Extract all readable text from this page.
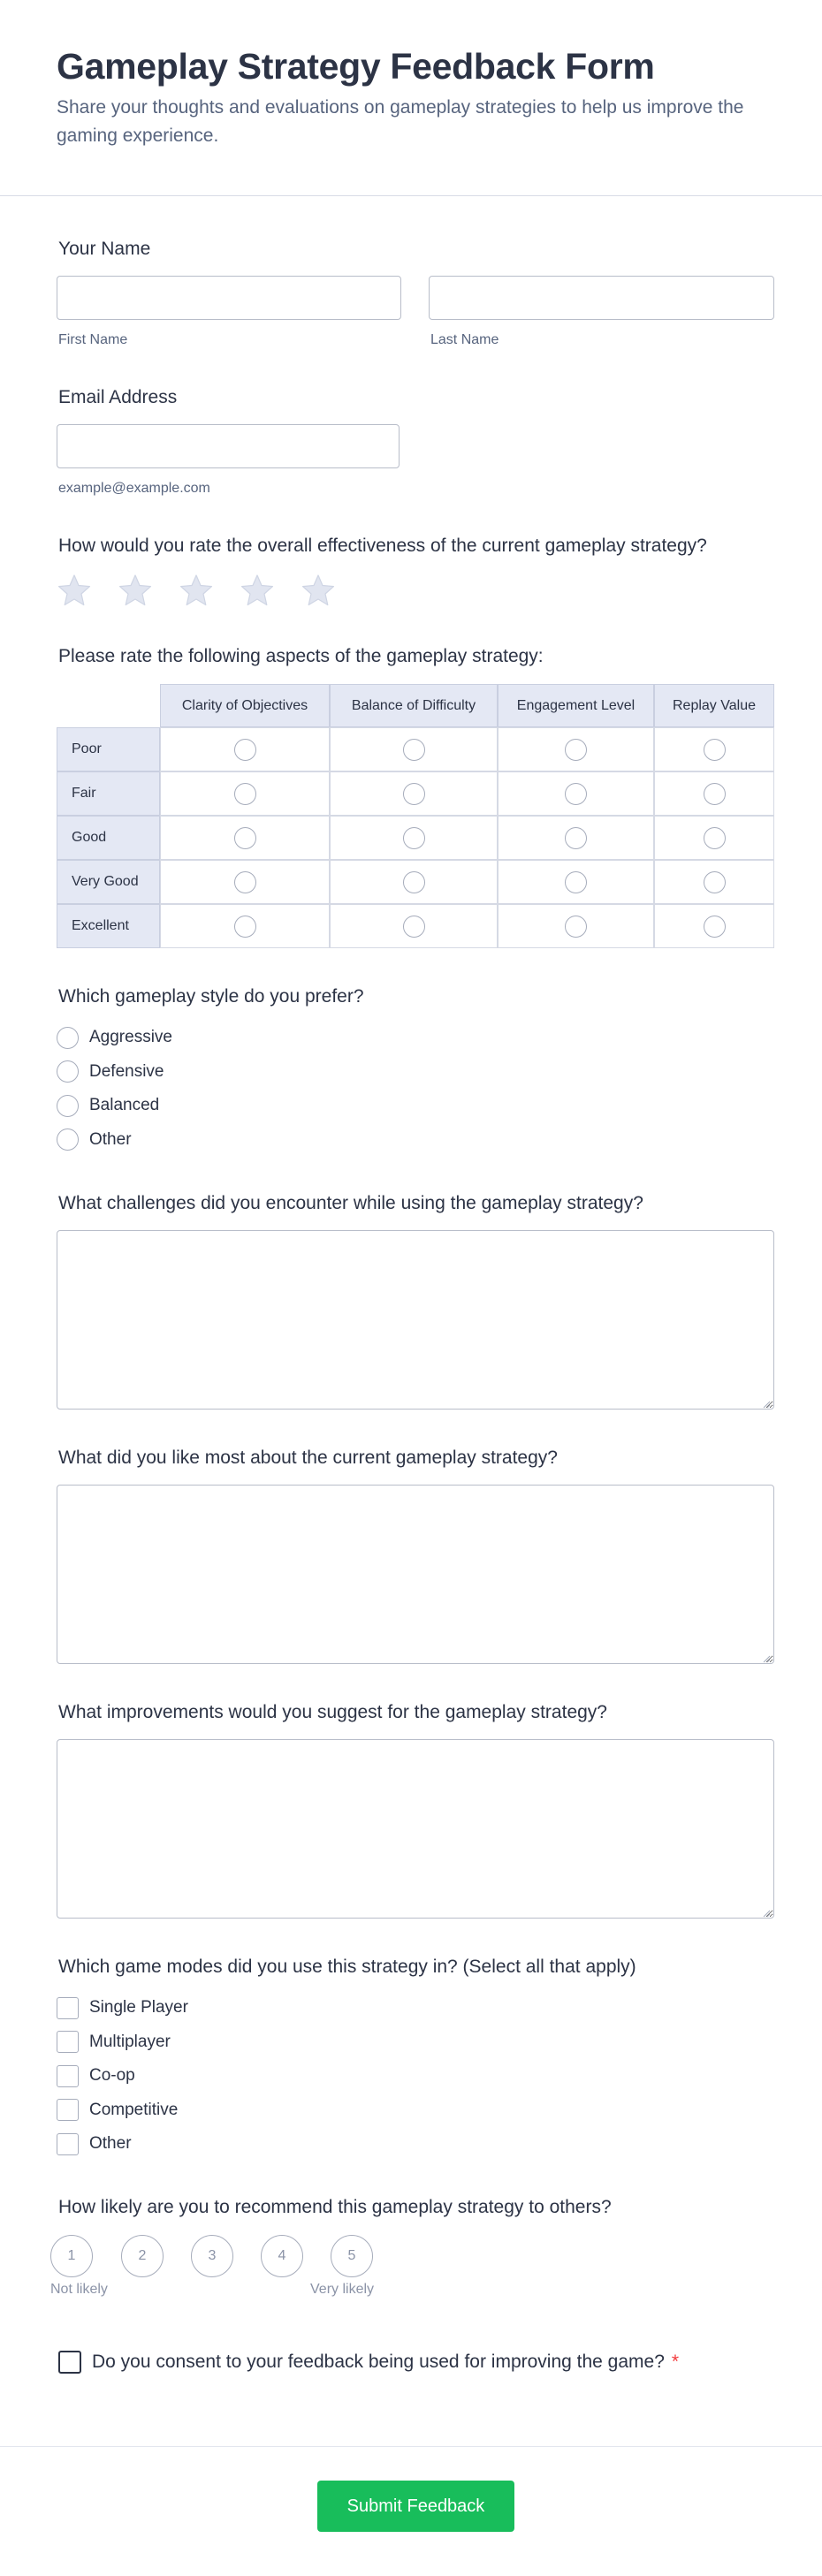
Gameplay Strategy Feedback Form

Share your thoughts and evaluations on gameplay strategies to help us improve the gaming experience.

Your Name
First Name	Last Name
Email Address
example@example.com
How would you rate the overall effectiveness of the current gameplay strategy?
Please rate the following aspects of the gameplay strategy:
Clarity of Objectives	Balance of Difficulty	Engagement Level	Replay Value
Poor
Fair
Good
Very Good
Excellent
Which gameplay style do you prefer?
Aggressive
Defensive
Balanced
Other
What challenges did you encounter while using the gameplay strategy?
What did you like most about the current gameplay strategy?
What improvements would you suggest for the gameplay strategy?
Which game modes did you use this strategy in? (Select all that apply)
Single Player
Multiplayer
Co-op
Competitive
Other
How likely are you to recommend this gameplay strategy to others?
1	2	3	4	5
Not likely	Very likely
Do you consent to your feedback being used for improving the game? *
Submit Feedback
